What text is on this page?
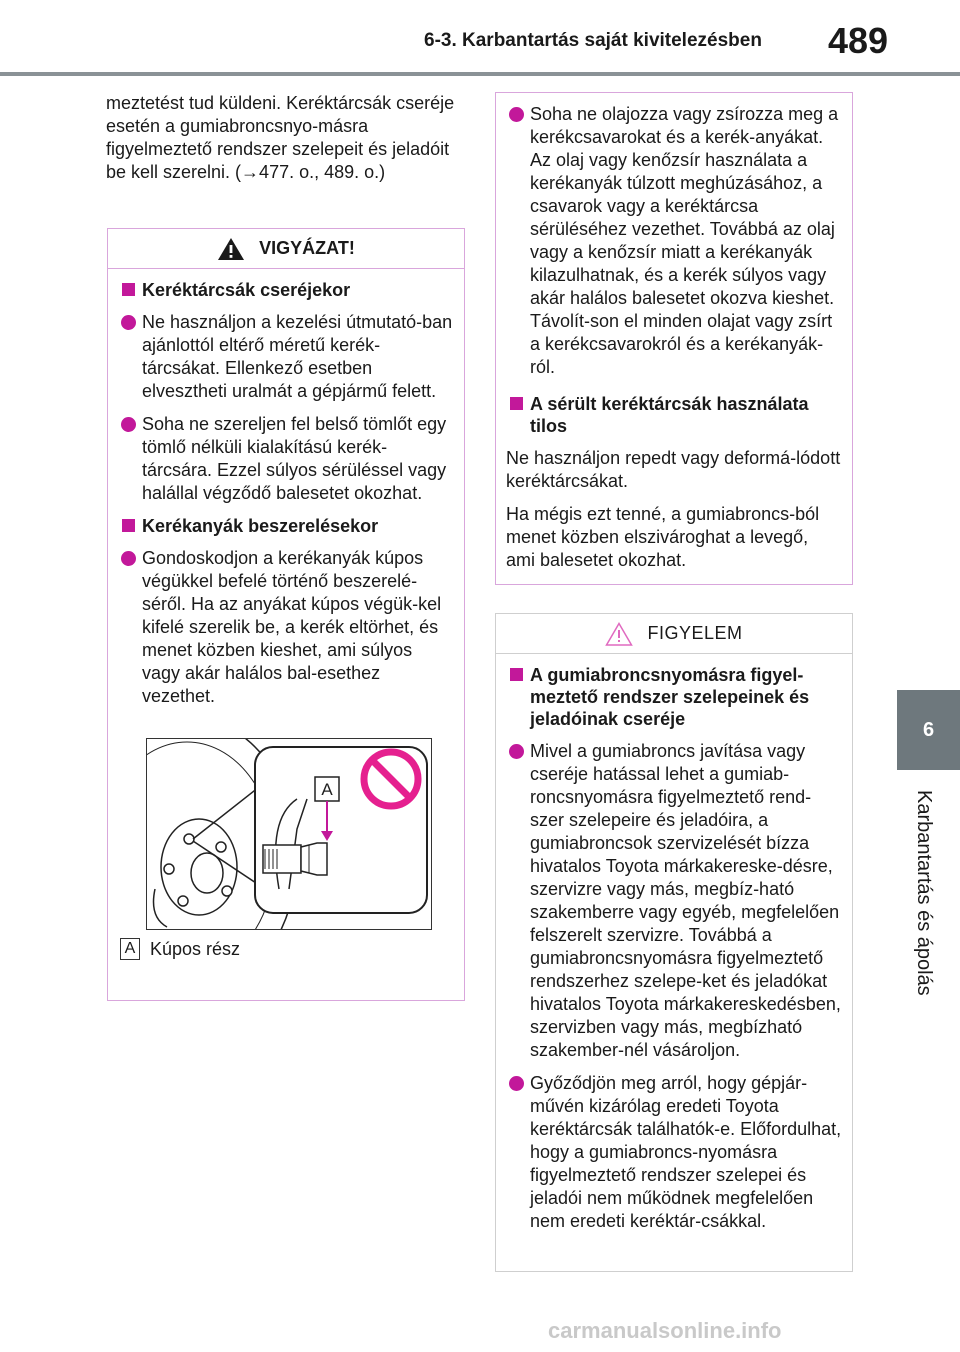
6-3. Karbantartás saját kivitelezésben 489
6
Karbantartás és ápolás
meztetést tud küldeni. Keréktárcsák cseréje esetén a gumiabroncsnyo-másra figyelmeztető rendszer szelepeit és jeladóit be kell szerelni. (→477. o., 489. o.)
VIGYÁZAT!
Keréktárcsák cseréjekor
Ne használjon a kezelési útmutató-ban ajánlottól eltérő méretű kerék-tárcsákat. Ellenkező esetben elvesztheti uralmát a gépjármű felett.
Soha ne szereljen fel belső tömlőt egy tömlő nélküli kialakítású kerék-tárcsára. Ezzel súlyos sérüléssel vagy halállal végződő balesetet okozhat.
Kerékanyák beszerelésekor
Gondoskodjon a kerékanyák kúpos végükkel befelé történő beszerelé-séről. Ha az anyákat kúpos végük-kel kifelé szerelik be, a kerék eltörhet, és menet közben kieshet, ami súlyos vagy akár halálos bal-esethez vezethet.
A
A Kúpos rész
Soha ne olajozza vagy zsírozza meg a kerékcsavarokat és a kerék-anyákat. Az olaj vagy kenőzsír használata a kerékanyák túlzott meghúzásához, a csavarok vagy a keréktárcsa sérüléséhez vezethet. Továbbá az olaj vagy a kenőzsír miatt a kerékanyák kilazulhatnak, és a kerék súlyos vagy akár halálos balesetet okozva kieshet. Távolít-son el minden olajat vagy zsírt a kerékcsavarokról és a kerékanyák-ról.
A sérült keréktárcsák használata tilos
Ne használjon repedt vagy deformá-lódott keréktárcsákat.
Ha mégis ezt tenné, a gumiabroncs-ból menet közben elszivároghat a levegő, ami balesetet okozhat.
FIGYELEM
A gumiabroncsnyomásra figyel-meztető rendszer szelepeinek és jeladóinak cseréje
Mivel a gumiabroncs javítása vagy cseréje hatással lehet a gumiab-roncsnyomásra figyelmeztető rend-szer szelepeire és jeladóira, a gumiabroncsok szervizelését bízza hivatalos Toyota márkakereske-désre, szervizre vagy más, megbíz-ható szakemberre vagy egyéb, megfelelően felszerelt szervizre. Továbbá a gumiabroncsnyomásra figyelmeztető rendszerhez szelepe-ket és jeladókat hivatalos Toyota márkakereskedésben, szervizben vagy más, megbízható szakember-nél vásároljon.
Győződjön meg arról, hogy gépjár-művén kizárólag eredeti Toyota keréktárcsák találhatók-e. Előfordulhat, hogy a gumiabroncs-nyomásra figyelmeztető rendszer szelepei és jeladói nem működnek megfelelően nem eredeti keréktár-csákkal.
carmanualsonline.info
